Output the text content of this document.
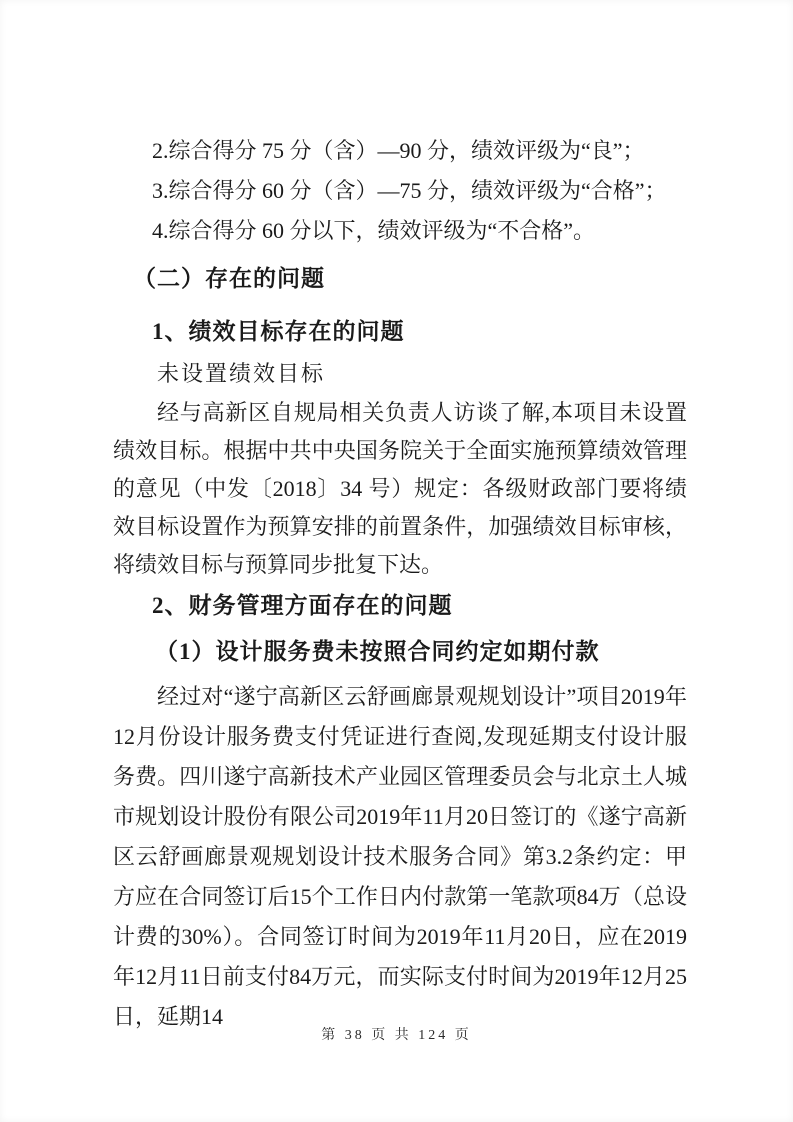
2.综合得分 75 分（含）—90 分，绩效评级为“良”；
3.综合得分 60 分（含）—75 分，绩效评级为“合格”；
4.综合得分 60 分以下，绩效评级为“不合格”。
（二）存在的问题
1、绩效目标存在的问题
未设置绩效目标
经与高新区自规局相关负责人访谈了解,本项目未设置绩效目标。根据中共中央国务院关于全面实施预算绩效管理的意见（中发〔2018〕34 号）规定：各级财政部门要将绩效目标设置作为预算安排的前置条件，加强绩效目标审核，将绩效目标与预算同步批复下达。
2、财务管理方面存在的问题
（1）设计服务费未按照合同约定如期付款
经过对“遂宁高新区云舒画廊景观规划设计”项目2019年12月份设计服务费支付凭证进行查阅,发现延期支付设计服务费。四川遂宁高新技术产业园区管理委员会与北京土人城市规划设计股份有限公司2019年11月20日签订的《遂宁高新区云舒画廊景观规划设计技术服务合同》第3.2条约定：甲方应在合同签订后15个工作日内付款第一笔款项84万（总设计费的30%）。合同签订时间为2019年11月20日，应在2019年12月11日前支付84万元，而实际支付时间为2019年12月25日，延期14
第 38 页 共 124 页
